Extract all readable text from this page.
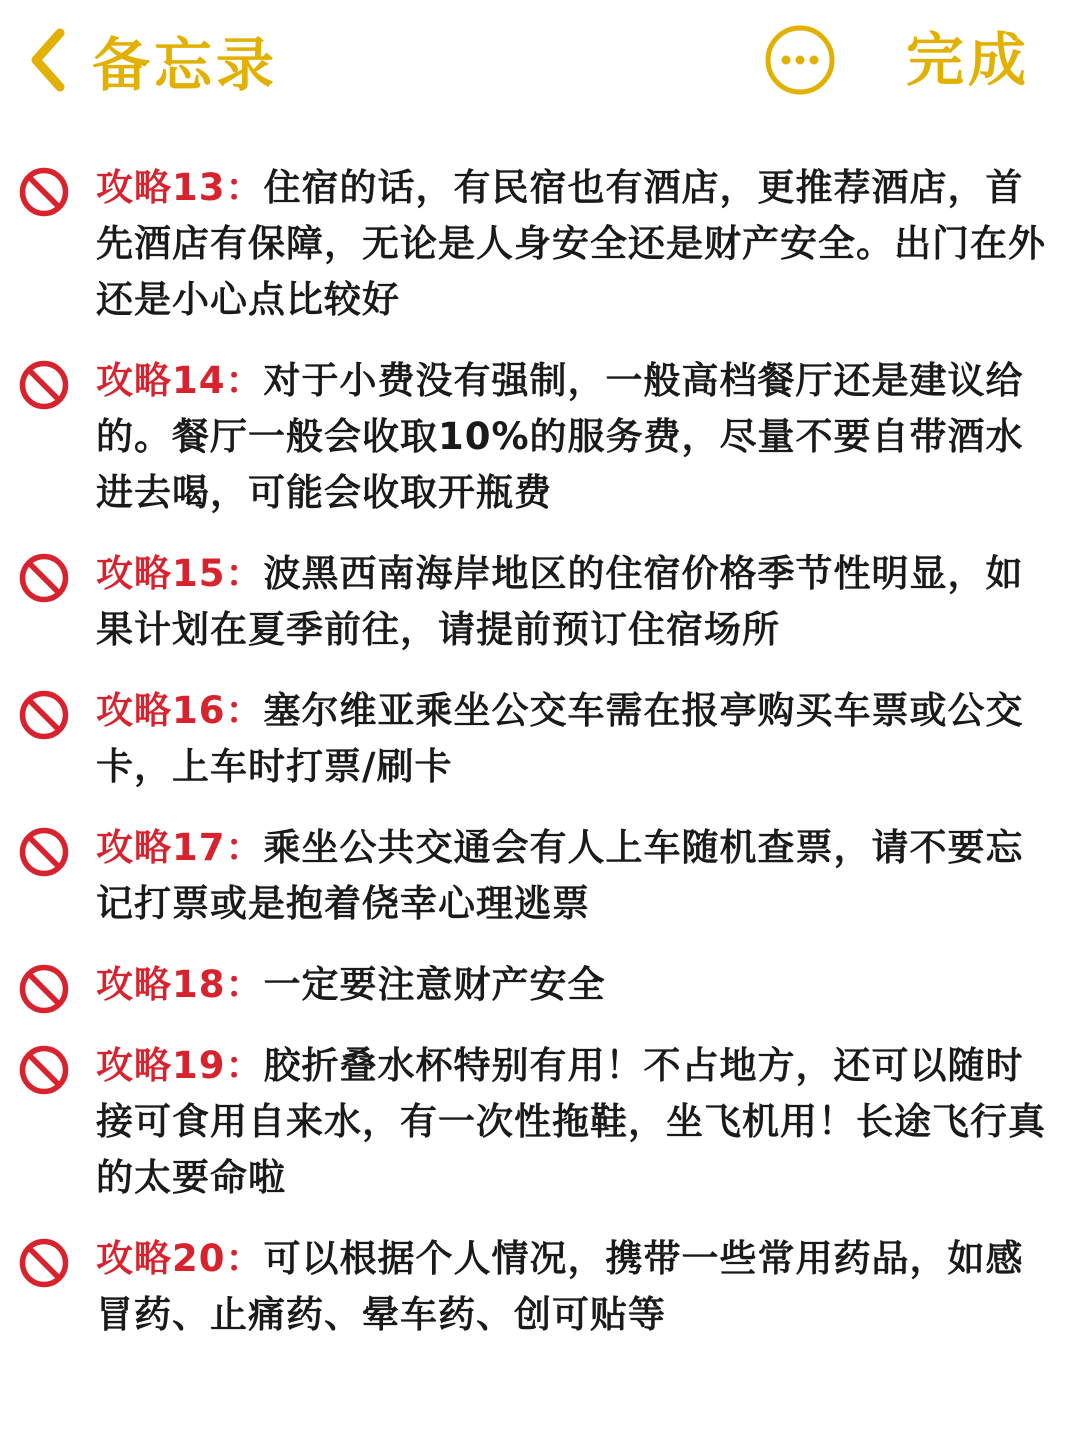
备忘录	完成
攻略13：住宿的话，有民宿也有酒店，更推荐酒店，首先酒店有保障，无论是人身安全还是财产安全。出门在外还是小心点比较好
攻略14：对于小费没有强制，一般高档餐厅还是建议给的。餐厅一般会收取10%的服务费，尽量不要自带酒水进去喝，可能会收取开瓶费
攻略15：波黑西南海岸地区的住宿价格季节性明显，如果计划在夏季前往，请提前预订住宿场所
攻略16：塞尔维亚乘坐公交车需在报亭购买车票或公交卡，上车时打票/刷卡
攻略17：乘坐公共交通会有人上车随机查票，请不要忘记打票或是抱着侥幸心理逃票
攻略18：一定要注意财产安全
攻略19：胶折叠水杯特别有用！不占地方，还可以随时接可食用自来水，有一次性拖鞋，坐飞机用！长途飞行真的太要命啦
攻略20：可以根据个人情况，携带一些常用药品，如感冒药、止痛药、晕车药、创可贴等
